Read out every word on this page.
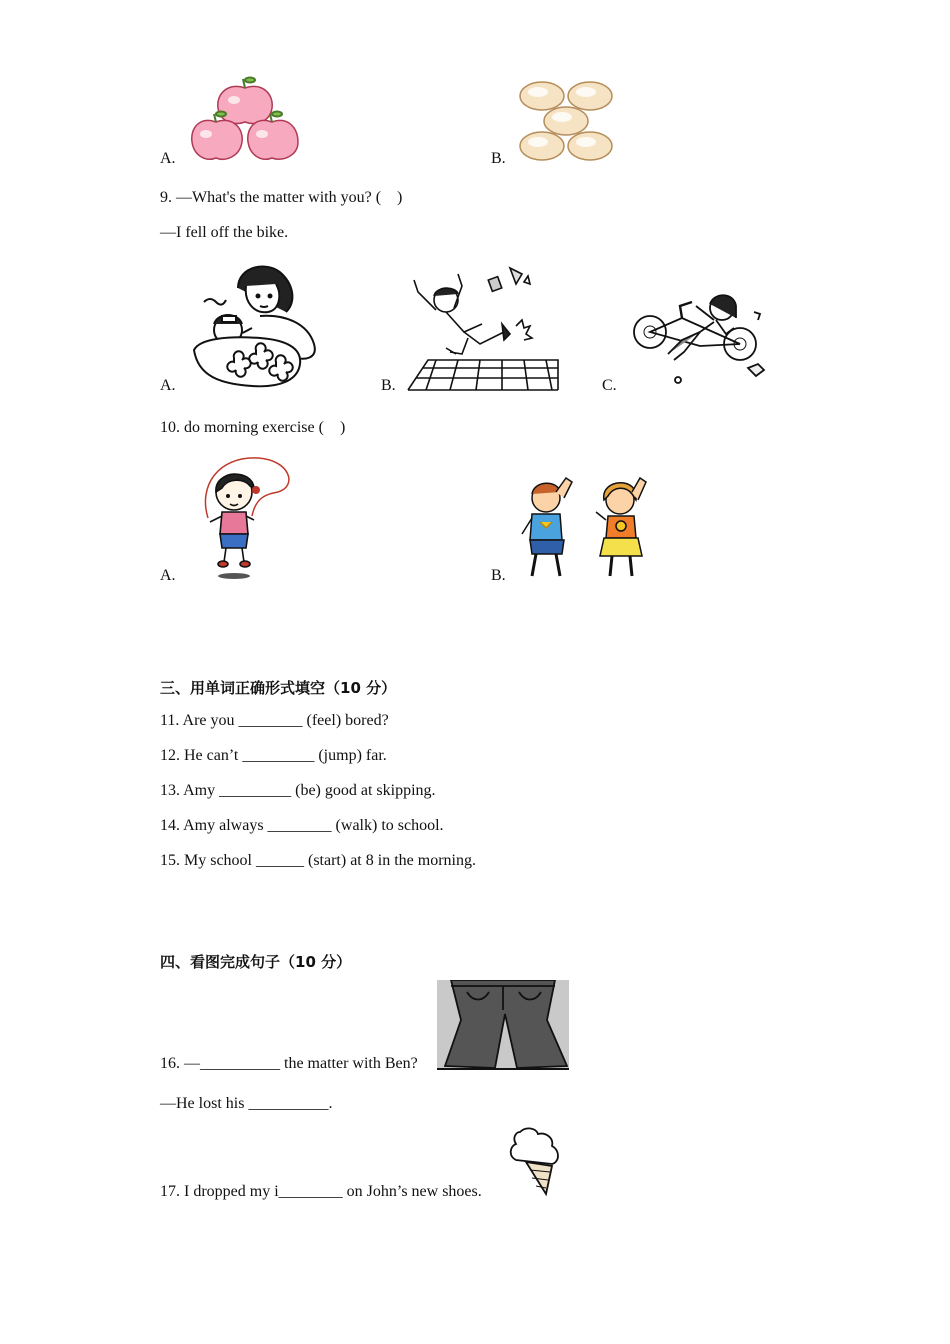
A.	B.
9. —What's the matter with you? (    )
—I fell off the bike.
A.	B.	C.
10. do morning exercise (    )
A.	B.
三、用单词正确形式填空（10 分）
11. Are you ________ (feel) bored?
12. He can’t _________ (jump) far.
13. Amy _________ (be) good at skipping.
14. Amy always ________ (walk) to school.
15. My school ______ (start) at 8 in the morning.
四、看图完成句子（10 分）
16. —__________ the matter with Ben?
—He lost his __________.
17. I dropped my i________ on John’s new shoes.
